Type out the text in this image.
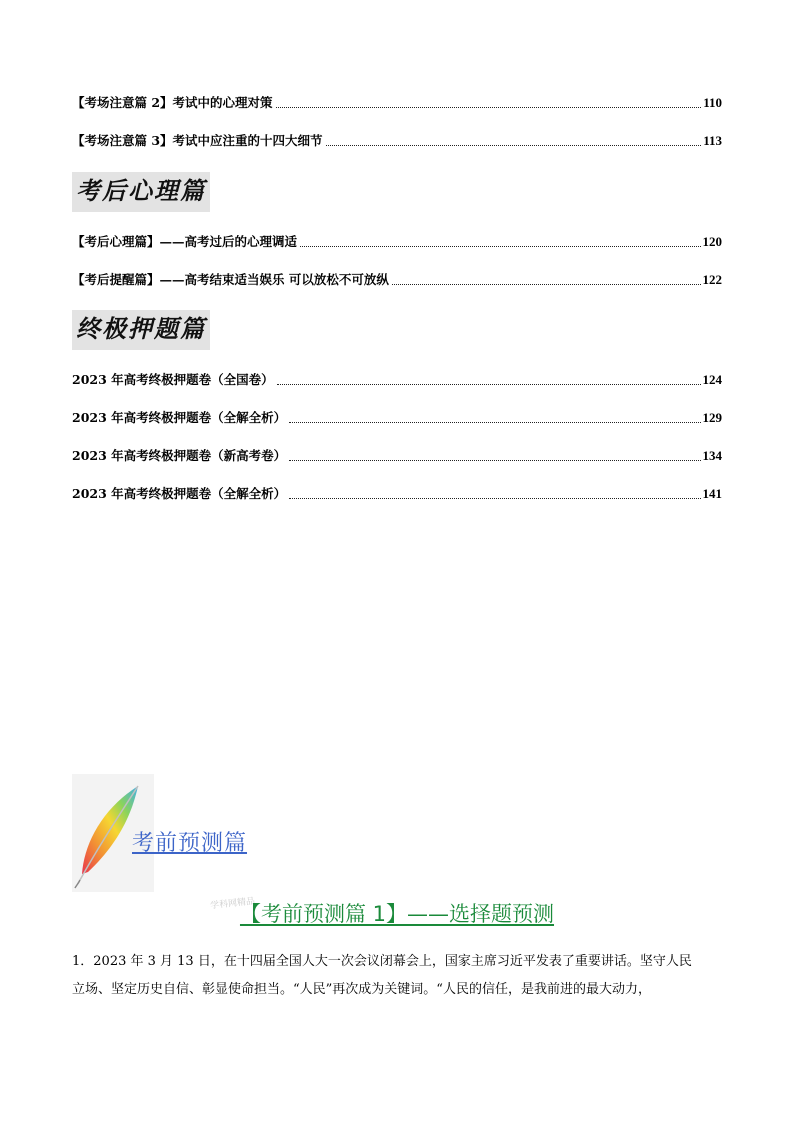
【考场注意篇 2】考试中的心理对策	110
【考场注意篇 3】考试中应注重的十四大细节	113
考后心理篇
【考后心理篇】——高考过后的心理调适	120
【考后提醒篇】——高考结束适当娱乐 可以放松不可放纵	122
终极押题篇
2023 年高考终极押题卷（全国卷）	124
2023 年高考终极押题卷（全解全析）	129
2023 年高考终极押题卷（新高考卷）	134
2023 年高考终极押题卷（全解全析）	141
考前预测篇
学科网精品
【考前预测篇 1】——选择题预测
1．2023 年 3 月 13 日，在十四届全国人大一次会议闭幕会上，国家主席习近平发表了重要讲话。坚守人民
立场、坚定历史自信、彰显使命担当。“人民”再次成为关键词。“人民的信任，是我前进的最大动力，
